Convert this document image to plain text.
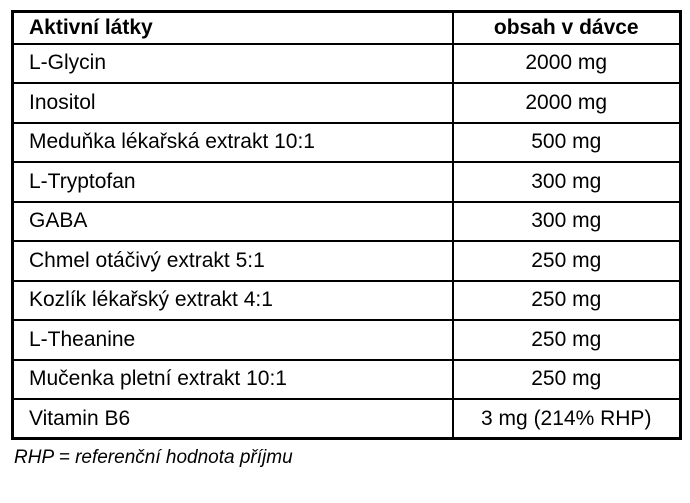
Aktivní látky	obsah v dávce
L-Glycin	2000 mg
Inositol	2000 mg
Meduňka lékařská extrakt 10:1	500 mg
L-Tryptofan	300 mg
GABA	300 mg
Chmel otáčivý extrakt 5:1	250 mg
Kozlík lékařský extrakt 4:1	250 mg
L-Theanine	250 mg
Mučenka pletní extrakt 10:1	250 mg
Vitamin B6	3 mg (214% RHP)
RHP = referenční hodnota příjmu
